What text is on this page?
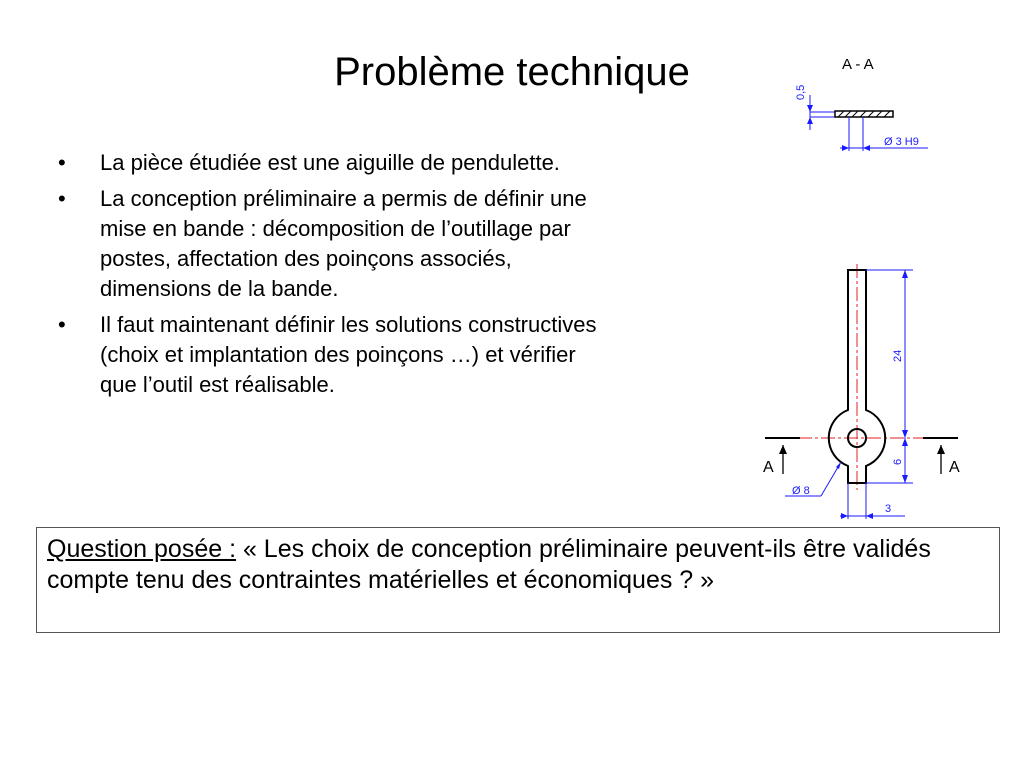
Problème technique
• La pièce étudiée est une aiguille de pendulette.
• La conception préliminaire a permis de définir une mise en bande : décomposition de l’outillage par postes, affectation des poinçons associés, dimensions de la bande.
• Il faut maintenant définir les solutions constructives (choix et implantation des poinçons …) et vérifier que l’outil est réalisable.
A - A
0,5
Ø 3 H9
24
6
A	A
Ø 8
3
Question posée : « Les choix de conception préliminaire peuvent-ils être validés compte tenu des contraintes matérielles et économiques ? »
